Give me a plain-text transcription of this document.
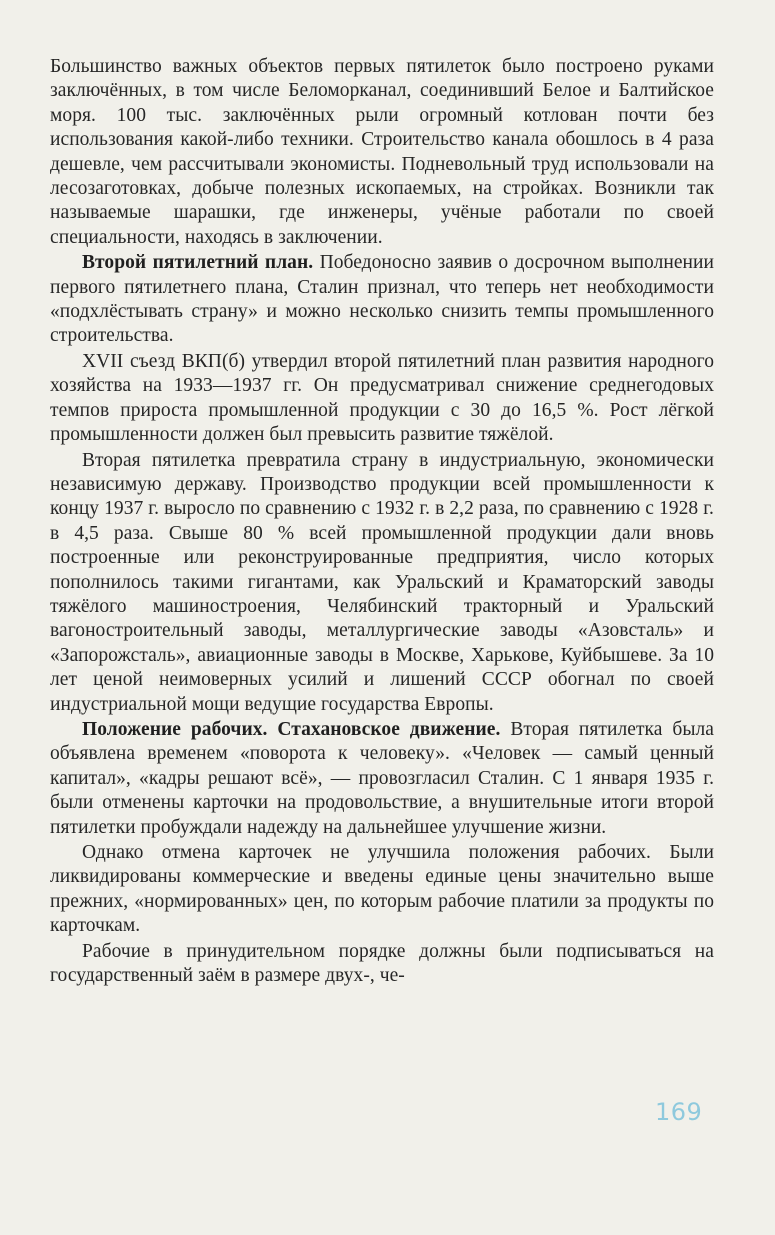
Большинство важных объектов первых пятилеток было построено руками заключённых, в том числе Беломорканал, соединивший Белое и Балтийское моря. 100 тыс. заключённых рыли огромный котлован почти без использования какой-либо техники. Строительство канала обошлось в 4 раза дешевле, чем рассчитывали экономисты. Подневольный труд использовали на лесозаготовках, добыче полезных ископаемых, на стройках. Возникли так называемые шарашки, где инженеры, учёные работали по своей специальности, находясь в заключении.

Второй пятилетний план. Победоносно заявив о досрочном выполнении первого пятилетнего плана, Сталин признал, что теперь нет необходимости «подхлёстывать страну» и можно несколько снизить темпы промышленного строительства.

XVII съезд ВКП(б) утвердил второй пятилетний план развития народного хозяйства на 1933—1937 гг. Он предусматривал снижение среднегодовых темпов прироста промышленной продукции с 30 до 16,5 %. Рост лёгкой промышленности должен был превысить развитие тяжёлой.

Вторая пятилетка превратила страну в индустриальную, экономически независимую державу. Производство продукции всей промышленности к концу 1937 г. выросло по сравнению с 1932 г. в 2,2 раза, по сравнению с 1928 г. в 4,5 раза. Свыше 80 % всей промышленной продукции дали вновь построенные или реконструированные предприятия, число которых пополнилось такими гигантами, как Уральский и Краматорский заводы тяжёлого машиностроения, Челябинский тракторный и Уральский вагоностроительный заводы, металлургические заводы «Азовсталь» и «Запорожсталь», авиационные заводы в Москве, Харькове, Куйбышеве. За 10 лет ценой неимоверных усилий и лишений СССР обогнал по своей индустриальной мощи ведущие государства Европы.

Положение рабочих. Стахановское движение. Вторая пятилетка была объявлена временем «поворота к человеку». «Человек — самый ценный капитал», «кадры решают всё», — провозгласил Сталин. С 1 января 1935 г. были отменены карточки на продовольствие, а внушительные итоги второй пятилетки пробуждали надежду на дальнейшее улучшение жизни.

Однако отмена карточек не улучшила положения рабочих. Были ликвидированы коммерческие и введены единые цены значительно выше прежних, «нормированных» цен, по которым рабочие платили за продукты по карточкам.

Рабочие в принудительном порядке должны были подписываться на государственный заём в размере двух-, че-

169
